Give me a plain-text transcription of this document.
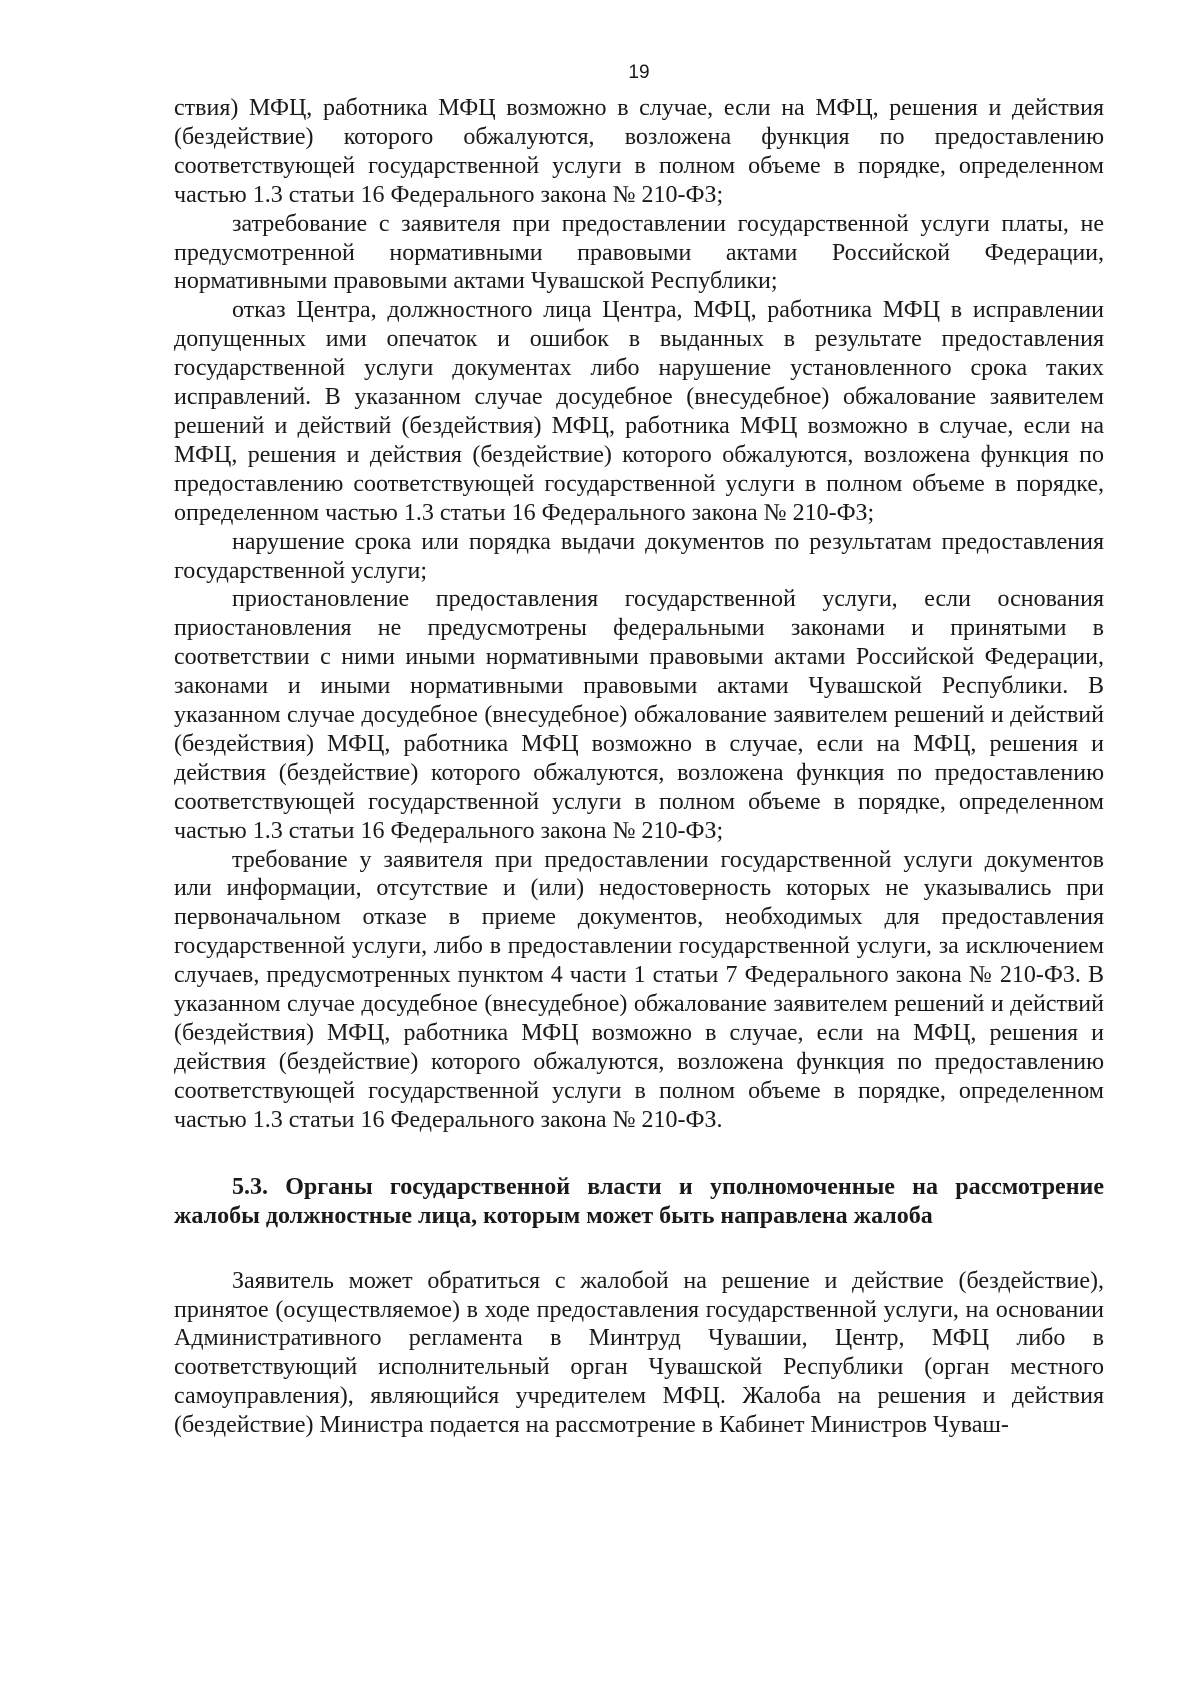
19

ствия) МФЦ, работника МФЦ возможно в случае, если на МФЦ, решения и действия (бездействие) которого обжалуются, возложена функция по предоставлению соответствующей государственной услуги в полном объеме в порядке, определенном частью 1.3 статьи 16 Федерального закона № 210-ФЗ;

затребование с заявителя при предоставлении государственной услуги платы, не предусмотренной нормативными правовыми актами Российской Федерации, нормативными правовыми актами Чувашской Республики;

отказ Центра, должностного лица Центра, МФЦ, работника МФЦ в исправлении допущенных ими опечаток и ошибок в выданных в результате предоставления государственной услуги документах либо нарушение установленного срока таких исправлений. В указанном случае досудебное (внесудебное) обжалование заявителем решений и действий (бездействия) МФЦ, работника МФЦ возможно в случае, если на МФЦ, решения и действия (бездействие) которого обжалуются, возложена функция по предоставлению соответствующей государственной услуги в полном объеме в порядке, определенном частью 1.3 статьи 16 Федерального закона № 210-ФЗ;

нарушение срока или порядка выдачи документов по результатам предоставления государственной услуги;

приостановление предоставления государственной услуги, если основания приостановления не предусмотрены федеральными законами и принятыми в соответствии с ними иными нормативными правовыми актами Российской Федерации, законами и иными нормативными правовыми актами Чувашской Республики. В указанном случае досудебное (внесудебное) обжалование заявителем решений и действий (бездействия) МФЦ, работника МФЦ возможно в случае, если на МФЦ, решения и действия (бездействие) которого обжалуются, возложена функция по предоставлению соответствующей государственной услуги в полном объеме в порядке, определенном частью 1.3 статьи 16 Федерального закона № 210-ФЗ;

требование у заявителя при предоставлении государственной услуги документов или информации, отсутствие и (или) недостоверность которых не указывались при первоначальном отказе в приеме документов, необходимых для предоставления государственной услуги, либо в предоставлении государственной услуги, за исключением случаев, предусмотренных пунктом 4 части 1 статьи 7 Федерального закона № 210-ФЗ. В указанном случае досудебное (внесудебное) обжалование заявителем решений и действий (бездействия) МФЦ, работника МФЦ возможно в случае, если на МФЦ, решения и действия (бездействие) которого обжалуются, возложена функция по предоставлению соответствующей государственной услуги в полном объеме в порядке, определенном частью 1.3 статьи 16 Федерального закона № 210-ФЗ.

5.3. Органы государственной власти и уполномоченные на рассмотрение жалобы должностные лица, которым может быть направлена жалоба

Заявитель может обратиться с жалобой на решение и действие (бездействие), принятое (осуществляемое) в ходе предоставления государственной услуги, на основании Административного регламента в Минтруд Чувашии, Центр, МФЦ либо в соответствующий исполнительный орган Чувашской Республики (орган местного самоуправления), являющийся учредителем МФЦ. Жалоба на решения и действия (бездействие) Министра подается на рассмотрение в Кабинет Министров Чуваш-
